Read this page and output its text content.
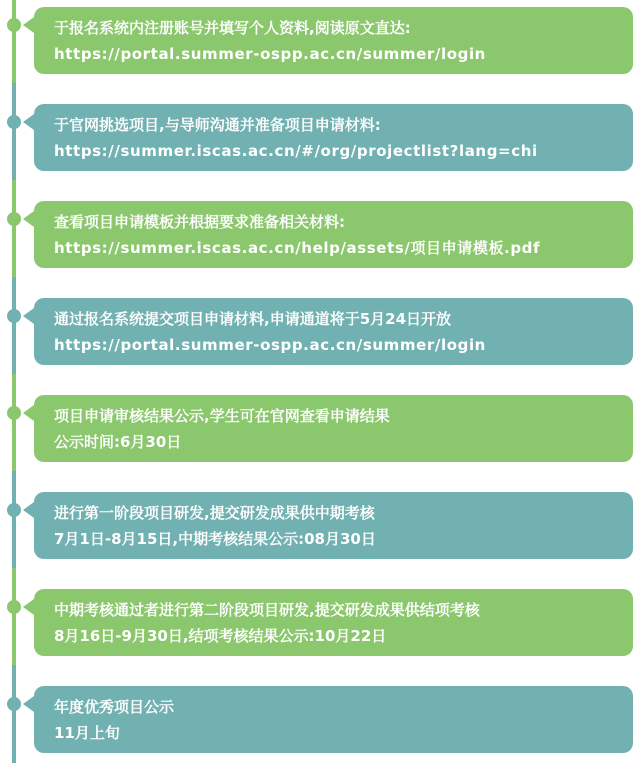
于报名系统内注册账号并填写个人资料,阅读原文直达:

https://portal.summer-ospp.ac.cn/summer/login

于官网挑选项目,与导师沟通并准备项目申请材料:

https://summer.iscas.ac.cn/#/org/projectlist?lang=chi

查看项目申请模板并根据要求准备相关材料:

https://summer.iscas.ac.cn/help/assets/项目申请模板.pdf

通过报名系统提交项目申请材料,申请通道将于5月24日开放

https://portal.summer-ospp.ac.cn/summer/login

项目申请审核结果公示,学生可在官网查看申请结果

公示时间:6月30日

进行第一阶段项目研发,提交研发成果供中期考核

7月1日-8月15日,中期考核结果公示:08月30日

中期考核通过者进行第二阶段项目研发,提交研发成果供结项考核

8月16日-9月30日,结项考核结果公示:10月22日

年度优秀项目公示

11月上旬
